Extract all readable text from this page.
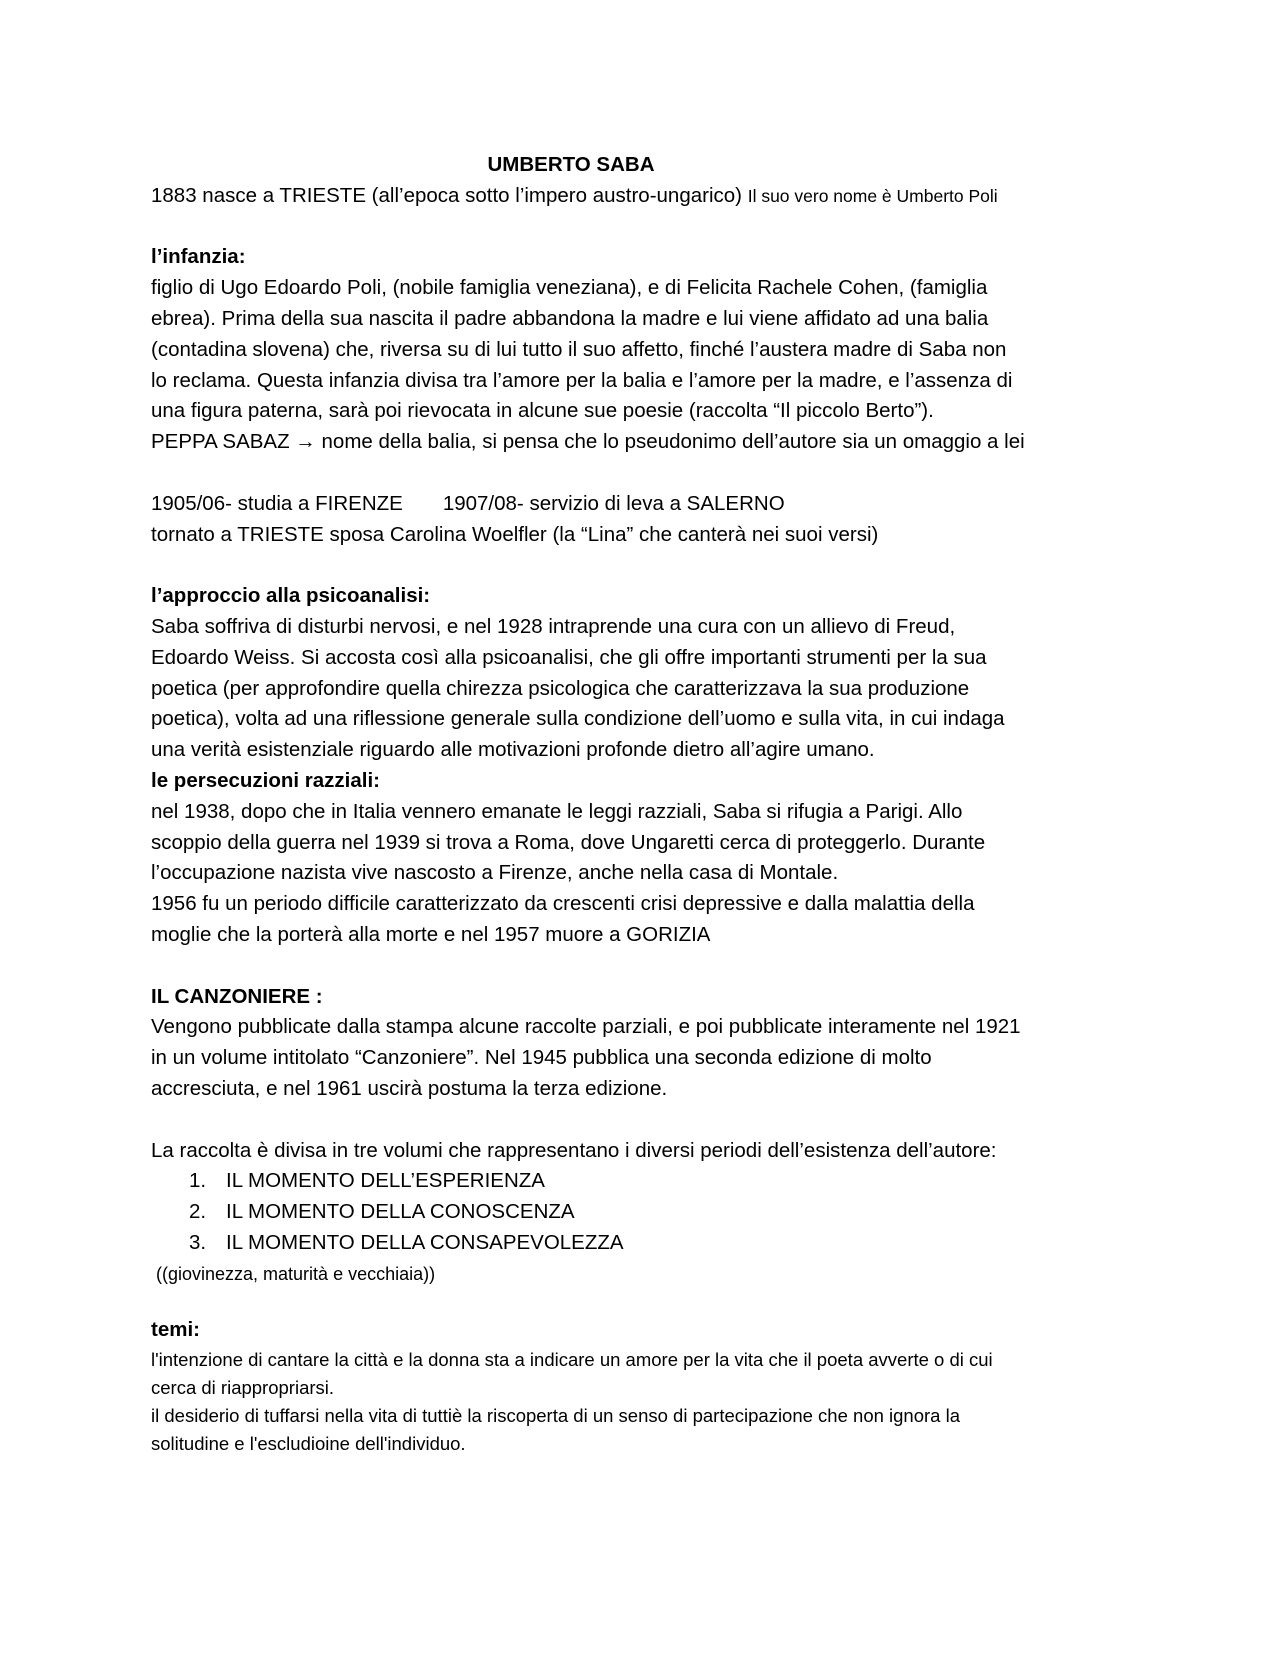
UMBERTO SABA
1883 nasce a TRIESTE (all’epoca sotto l’impero austro-ungarico) Il suo vero nome è Umberto Poli
l’infanzia:
figlio di Ugo Edoardo Poli, (nobile famiglia veneziana), e di Felicita Rachele Cohen, (famiglia
ebrea). Prima della sua nascita il padre abbandona la madre e lui viene affidato ad una balia
(contadina slovena) che, riversa su di lui tutto il suo affetto, finché l’austera madre di Saba non
lo reclama. Questa infanzia divisa tra l’amore per la balia e l’amore per la madre, e l’assenza di
una figura paterna, sarà poi rievocata in alcune sue poesie (raccolta “Il piccolo Berto”).
PEPPA SABAZ → nome della balia, si pensa che lo pseudonimo dell’autore sia un omaggio a lei
1905/06- studia a FIRENZE 1907/08- servizio di leva a SALERNO
tornato a TRIESTE sposa Carolina Woelfler (la “Lina” che canterà nei suoi versi)
l’approccio alla psicoanalisi:
Saba soffriva di disturbi nervosi, e nel 1928 intraprende una cura con un allievo di Freud,
Edoardo Weiss. Si accosta così alla psicoanalisi, che gli offre importanti strumenti per la sua
poetica (per approfondire quella chirezza psicologica che caratterizzava la sua produzione
poetica), volta ad una riflessione generale sulla condizione dell’uomo e sulla vita, in cui indaga
una verità esistenziale riguardo alle motivazioni profonde dietro all’agire umano.
le persecuzioni razziali:
nel 1938, dopo che in Italia vennero emanate le leggi razziali, Saba si rifugia a Parigi. Allo
scoppio della guerra nel 1939 si trova a Roma, dove Ungaretti cerca di proteggerlo. Durante
l’occupazione nazista vive nascosto a Firenze, anche nella casa di Montale.
1956 fu un periodo difficile caratterizzato da crescenti crisi depressive e dalla malattia della
moglie che la porterà alla morte e nel 1957 muore a GORIZIA
IL CANZONIERE :
Vengono pubblicate dalla stampa alcune raccolte parziali, e poi pubblicate interamente nel 1921
in un volume intitolato “Canzoniere”. Nel 1945 pubblica una seconda edizione di molto
accresciuta, e nel 1961 uscirà postuma la terza edizione.
La raccolta è divisa in tre volumi che rappresentano i diversi periodi dell’esistenza dell’autore:
1. IL MOMENTO DELL’ESPERIENZA
2. IL MOMENTO DELLA CONOSCENZA
3. IL MOMENTO DELLA CONSAPEVOLEZZA
((giovinezza, maturità e vecchiaia))
temi:
l'intenzione di cantare la città e la donna sta a indicare un amore per la vita che il poeta avverte o di cui
cerca di riappropriarsi.
il desiderio di tuffarsi nella vita di tuttiè la riscoperta di un senso di partecipazione che non ignora la
solitudine e l'escludioine dell'individuo.
